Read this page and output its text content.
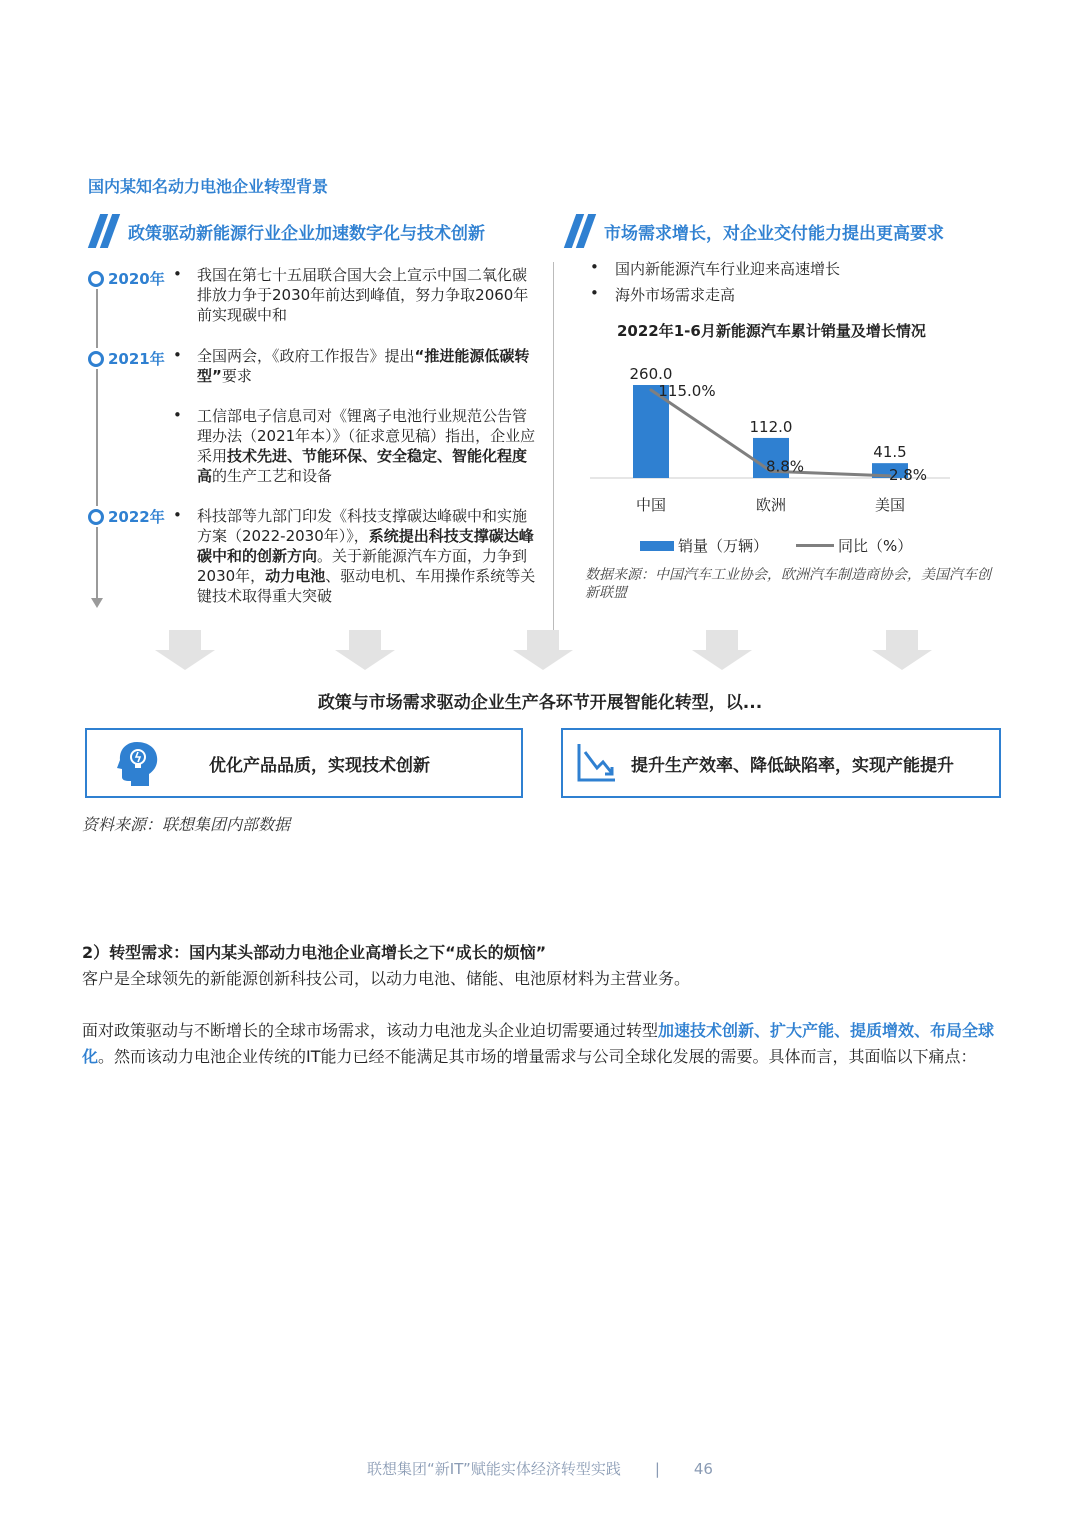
国内某知名动力电池企业转型背景
政策驱动新能源行业企业加速数字化与技术创新	市场需求增长，对企业交付能力提出更高要求
2020年 • 我国在第七十五届联合国大会上宣示中国二氧化碳排放力争于2030年前达到峰值，努力争取2060年前实现碳中和
2021年 • 全国两会，《政府工作报告》提出“推进能源低碳转型”要求
• 工信部电子信息司对《锂离子电池行业规范公告管理办法（2021年本）》（征求意见稿）指出，企业应采用技术先进、节能环保、安全稳定、智能化程度高的生产工艺和设备
2022年 • 科技部等九部门印发《科技支撑碳达峰碳中和实施方案（2022-2030年）》，系统提出科技支撑碳达峰碳中和的创新方向。关于新能源汽车方面，力争到2030年，动力电池、驱动电机、车用操作系统等关键技术取得重大突破
• 国内新能源汽车行业迎来高速增长
• 海外市场需求走高
2022年1-6月新能源汽车累计销量及增长情况
260.0
中国
112.0
欧洲
41.5
美国
115.0%
8.8%	2.8%
销量（万辆）	同比（%）
数据来源：中国汽车工业协会，欧洲汽车制造商协会，美国汽车创新联盟
政策与市场需求驱动企业生产各环节开展智能化转型，以...
优化产品品质，实现技术创新	提升生产效率、降低缺陷率，实现产能提升
资料来源：联想集团内部数据
2）转型需求：国内某头部动力电池企业高增长之下“成长的烦恼”
客户是全球领先的新能源创新科技公司，以动力电池、储能、电池原材料为主营业务。
面对政策驱动与不断增长的全球市场需求，该动力电池龙头企业迫切需要通过转型加速技术创新、扩大产能、提质增效、布局全球化。然而该动力电池企业传统的IT能力已经不能满足其市场的增量需求与公司全球化发展的需要。具体而言，其面临以下痛点：
联想集团“新IT”赋能实体经济转型实践 | 46
